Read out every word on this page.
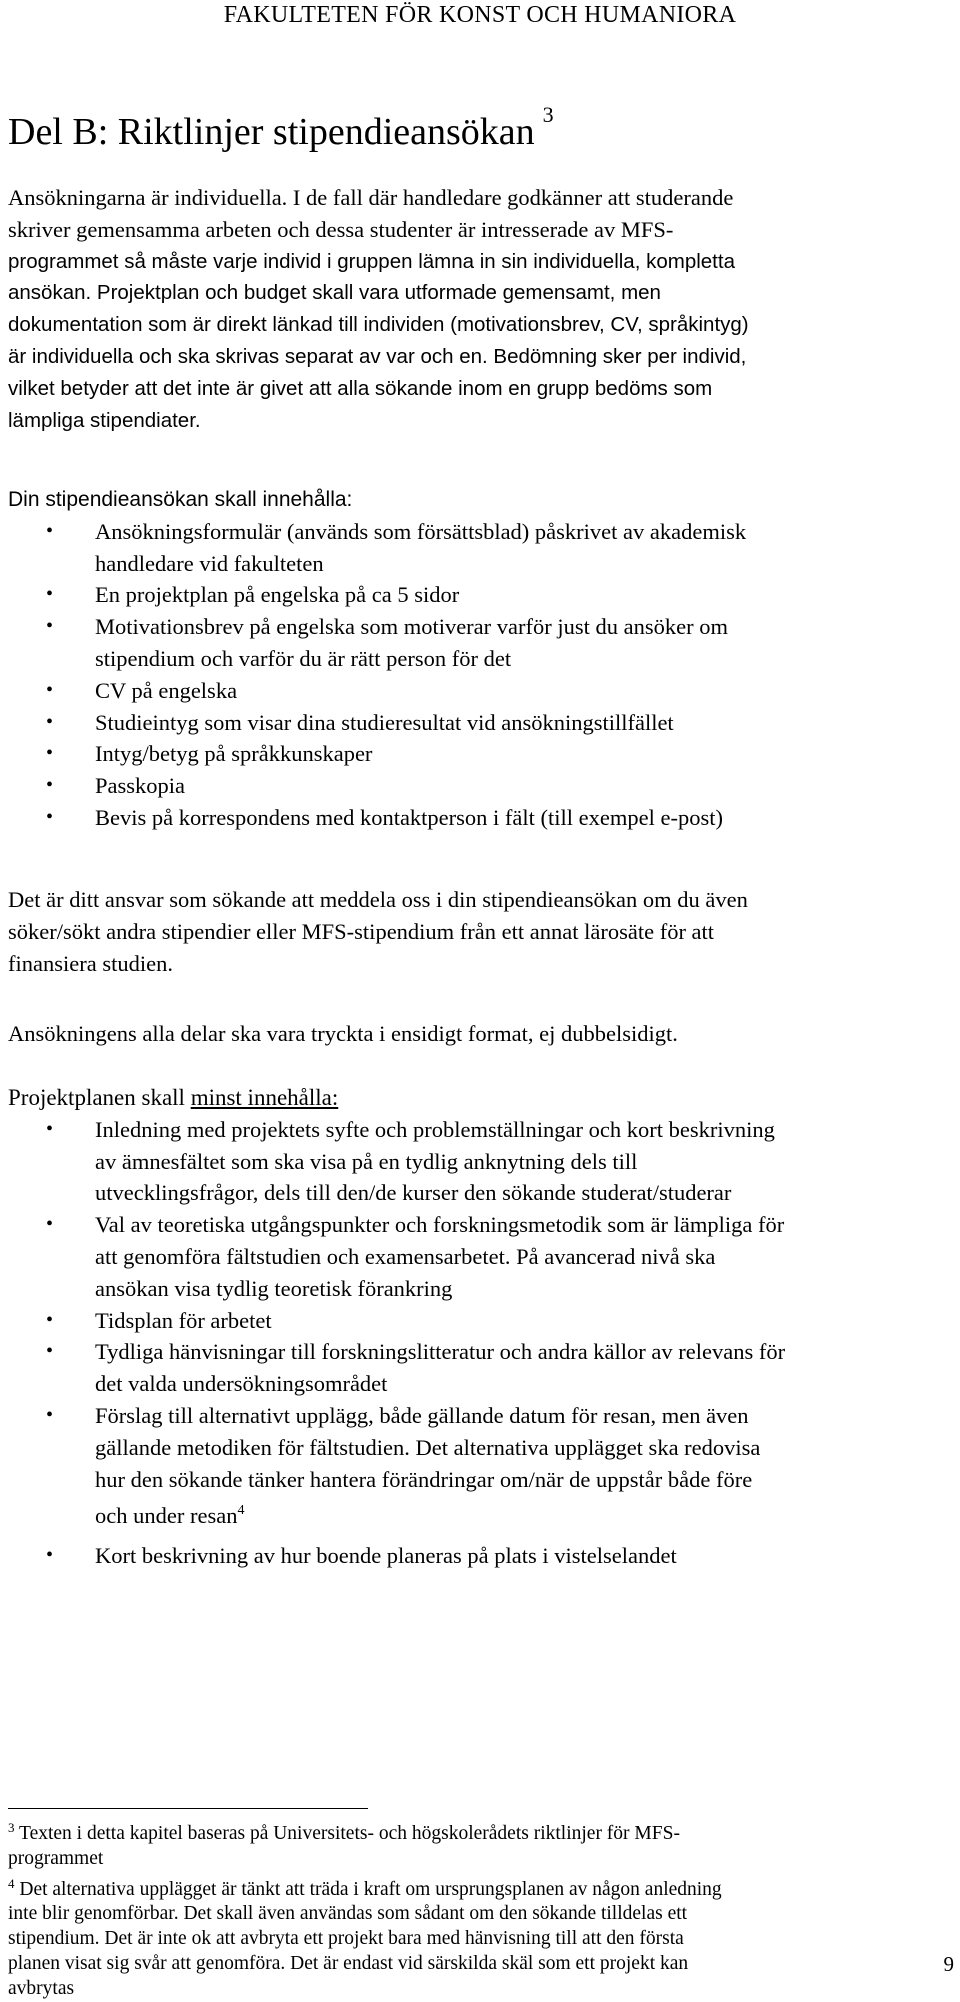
FAKULTETEN FÖR KONST OCH HUMANIORA
Del B: Riktlinjer stipendieansökan $^3$
Ansökningarna är individuella. I de fall där handledare godkänner att studerande
skriver gemensamma arbeten och dessa studenter är intresserade av MFS-
programmet så måste varje individ i gruppen lämna in sin individuella, kompletta
ansökan. Projektplan och budget skall vara utformade gemensamt, men
dokumentation som är direkt länkad till individen (motivationsbrev, CV, språkintyg)
är individuella och ska skrivas separat av var och en. Bedömning sker per individ,
vilket betyder att det inte är givet att alla sökande inom en grupp bedöms som
lämpliga stipendiater.
Din stipendieansökan skall innehålla:
• Ansökningsformulär (används som försättsblad) påskrivet av akademisk
handledare vid fakulteten
• En projektplan på engelska på ca 5 sidor
• Motivationsbrev på engelska som motiverar varför just du ansöker om
stipendium och varför du är rätt person för det
• CV på engelska
• Studieintyg som visar dina studieresultat vid ansökningstillfället
• Intyg/betyg på språkkunskaper
• Passkopia
• Bevis på korrespondens med kontaktperson i fält (till exempel e-post)
Det är ditt ansvar som sökande att meddela oss i din stipendieansökan om du även
söker/sökt andra stipendier eller MFS-stipendium från ett annat lärosäte för att
finansiera studien.
Ansökningens alla delar ska vara tryckta i ensidigt format, ej dubbelsidigt.
Projektplanen skall minst innehålla:
• Inledning med projektets syfte och problemställningar och kort beskrivning
av ämnesfältet som ska visa på en tydlig anknytning dels till
utvecklingsfrågor, dels till den/de kurser den sökande studerat/studerar
• Val av teoretiska utgångspunkter och forskningsmetodik som är lämpliga för
att genomföra fältstudien och examensarbetet. På avancerad nivå ska
ansökan visa tydlig teoretisk förankring
• Tidsplan för arbetet
• Tydliga hänvisningar till forskningslitteratur och andra källor av relevans för
det valda undersökningsområdet
• Förslag till alternativt upplägg, både gällande datum för resan, men även
gällande metodiken för fältstudien. Det alternativa upplägget ska redovisa
hur den sökande tänker hantera förändringar om/när de uppstår både före
och under resan$^4$
• Kort beskrivning av hur boende planeras på plats i vistelselandet
$^3$ Texten i detta kapitel baseras på Universitets- och högskolerådets riktlinjer för MFS-
programmet
$^4$ Det alternativa upplägget är tänkt att träda i kraft om ursprungsplanen av någon anledning
inte blir genomförbar. Det skall även användas som sådant om den sökande tilldelas ett
stipendium. Det är inte ok att avbryta ett projekt bara med hänvisning till att den första
planen visat sig svår att genomföra. Det är endast vid särskilda skäl som ett projekt kan
avbrytas
9
